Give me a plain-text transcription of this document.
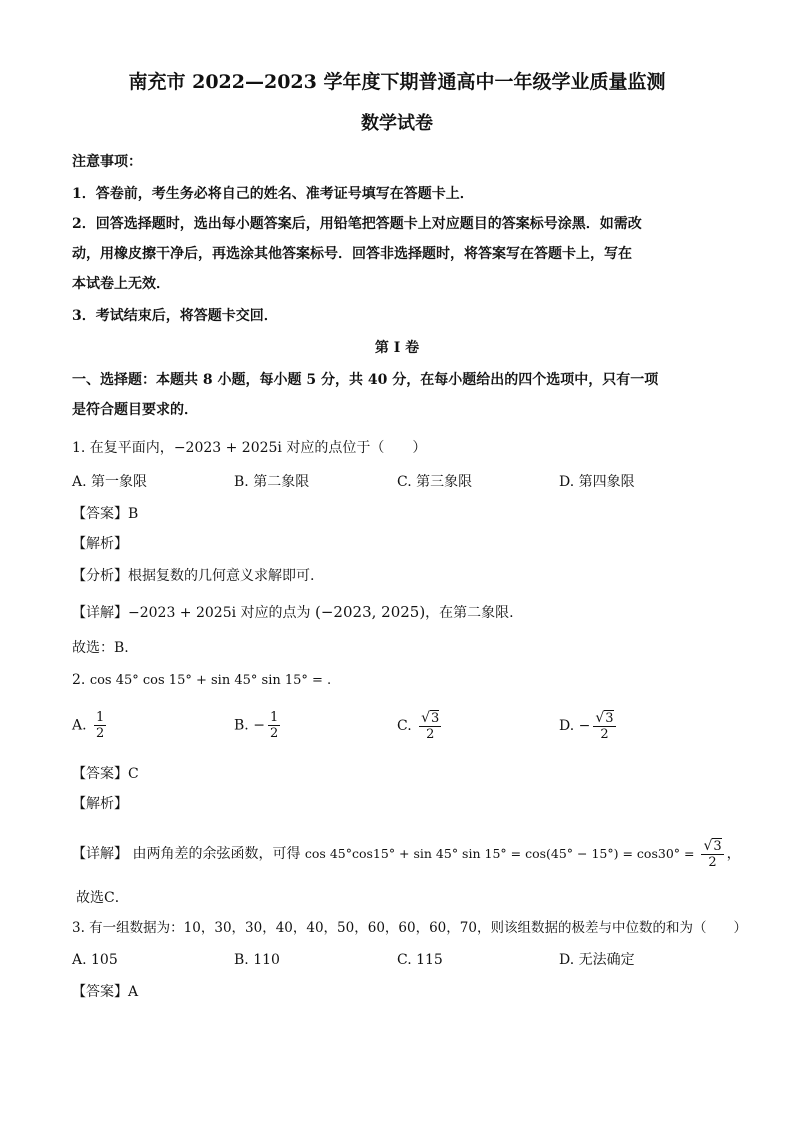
南充市 2022—2023 学年度下期普通高中一年级学业质量监测
数学试卷
注意事项：
1．答卷前，考生务必将自己的姓名、准考证号填写在答题卡上．
2．回答选择题时，选出每小题答案后，用铅笔把答题卡上对应题目的答案标号涂黑．如需改
动，用橡皮擦干净后，再选涂其他答案标号．回答非选择题时，将答案写在答题卡上，写在
本试卷上无效．
3．考试结束后，将答题卡交回．
第 I 卷
一、选择题：本题共 8 小题，每小题 5 分，共 40 分，在每小题给出的四个选项中，只有一项
是符合题目要求的．
1. 在复平面内，−2023 + 2025i 对应的点位于（　　）
A. 第一象限	B. 第二象限	C. 第三象限	D. 第四象限
【答案】B
【解析】
【分析】根据复数的几何意义求解即可.
【详解】−2023 + 2025i 对应的点为 (−2023, 2025)，在第二象限.
故选：B.
2. cos 45° cos 15° + sin 45° sin 15° = .
A. $\frac{1}{2}$	B. − $\frac{1}{2}$	C. $\frac{√3}{2}$	D. − $\frac{√3}{2}$
【答案】C
【解析】
【详解】 由两角差的余弦函数，可得 cos 45°cos15° + sin 45° $\sin 15^\circ = \cos(45^\circ - 15^\circ) = \cos 30^\circ = \frac{√3}{2}$ ，
故选C．
3. 有一组数据为：10，30，30，40，40，50，60，60，60，70，则该组数据的极差与中位数的和为（　　）
A. 105	B. 110	C. 115	D. 无法确定
【答案】A
